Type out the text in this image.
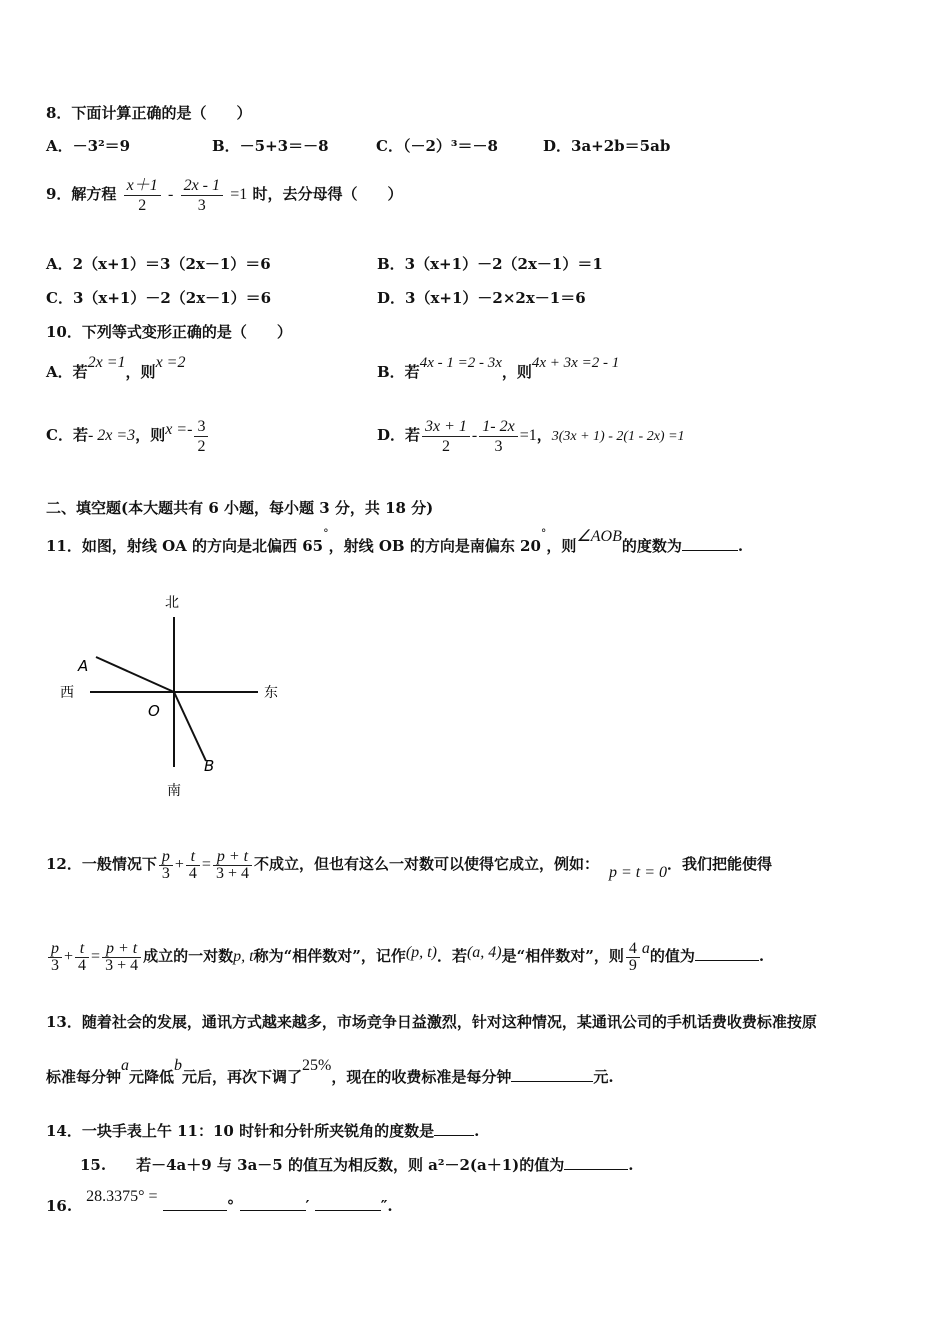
8．下面计算正确的是（　　）
A．－3²＝9	B．－5+3＝－8	C．（－2）³＝－8	D．3a+2b＝5ab
9．解方程 $\frac{x+1}{2} - \frac{2x - 1}{3} =1$ 时，去分母得（　　）
A．2（x+1）＝3（2x－1）＝6	B．3（x+1）－2（2x－1）＝1
C．3（x+1）－2（2x－1）＝6	D．3（x+1）－2×2x－1＝6
10．下列等式变形正确的是（　　）
A．若2x =1，则x =2
B．若4x - 1 =2 - 3x，则4x + 3x =2 - 1
C．若- 2x =3，则$x =- \frac{3}{2}$	D．若 $\frac{3x + 1}{2} - \frac{1- 2x}{3} =1$，3(3x + 1) - 2(1 - 2x) =1
二、填空题(本大题共有 6 小题，每小题 3 分，共 18 分)
11．如图，射线 OA 的方向是北偏西 65°，射线 OB 的方向是南偏东 20°，则∠AOB的度数为	.
北
南
东
西
A
O
B
12．一般情况下 $\frac{p}{3} + \frac{t}{4} = \frac{p + t}{3 + 4}$ 不成立，但也有这么一对数可以使得它成立，例如： p = t = 0．我们把能使得
$\frac{p}{3} + \frac{t}{4} = \frac{p + t}{3 + 4}$ 成立的一对数p, t称为“相伴数对”，记作(p, t)．若(a, 4)是“相伴数对”，则 $\frac{4}{9}$ a的值为	.
13．随着社会的发展，通讯方式越来越多，市场竞争日益激烈，针对这种情况，某通讯公司的手机话费收费标准按原
标准每分钟a元降低b元后，再次下调了25%，现在的收费标准是每分钟	元.
14．一块手表上午 11：10 时针和分针所夹锐角的度数是	.
15.　　若－4a＋9 与 3a－5 的值互为相反数，则 a²－2(a＋1)的值为	.
16.28.3375° = °	′	″.
